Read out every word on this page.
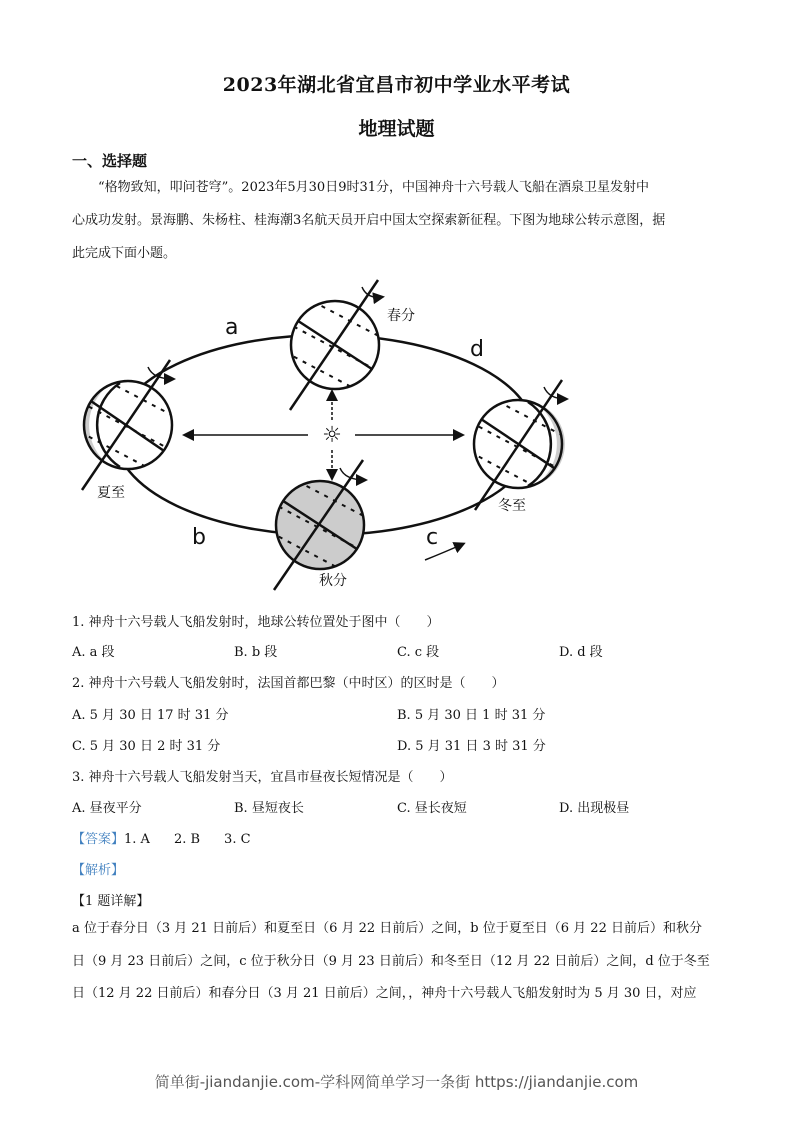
2023年湖北省宜昌市初中学业水平考试
地理试题
一、选择题
“格物致知，叩问苍穹”。2023年5月30日9时31分，中国神舟十六号载人飞船在酒泉卫星发射中
心成功发射。景海鹏、朱杨柱、桂海潮3名航天员开启中国太空探索新征程。下图为地球公转示意图，据
此完成下面小题。
☼
a
d
b	c
春分
夏至
秋分
冬至
1. 神舟十六号载人飞船发射时，地球公转位置处于图中（　　）
A. a 段	B. b 段	C. c 段	D. d 段
2. 神舟十六号载人飞船发射时，法国首都巴黎（中时区）的区时是（　　）
A. 5 月 30 日 17 时 31 分	B. 5 月 30 日 1 时 31 分
C. 5 月 30 日 2 时 31 分	D. 5 月 31 日 3 时 31 分
3. 神舟十六号载人飞船发射当天，宜昌市昼夜长短情况是（　　）
A. 昼夜平分	B. 昼短夜长	C. 昼长夜短	D. 出现极昼
【答案】1. A 2. B 3. C
【解析】
【1 题详解】
a 位于春分日（3 月 21 日前后）和夏至日（6 月 22 日前后）之间，b 位于夏至日（6 月 22 日前后）和秋分
日（9 月 23 日前后）之间，c 位于秋分日（9 月 23 日前后）和冬至日（12 月 22 日前后）之间，d 位于冬至
日（12 月 22 日前后）和春分日（3 月 21 日前后）之间，，神舟十六号载人飞船发射时为 5 月 30 日，对应
简单街-jiandanjie.com-学科网简单学习一条街 https://jiandanjie.com
